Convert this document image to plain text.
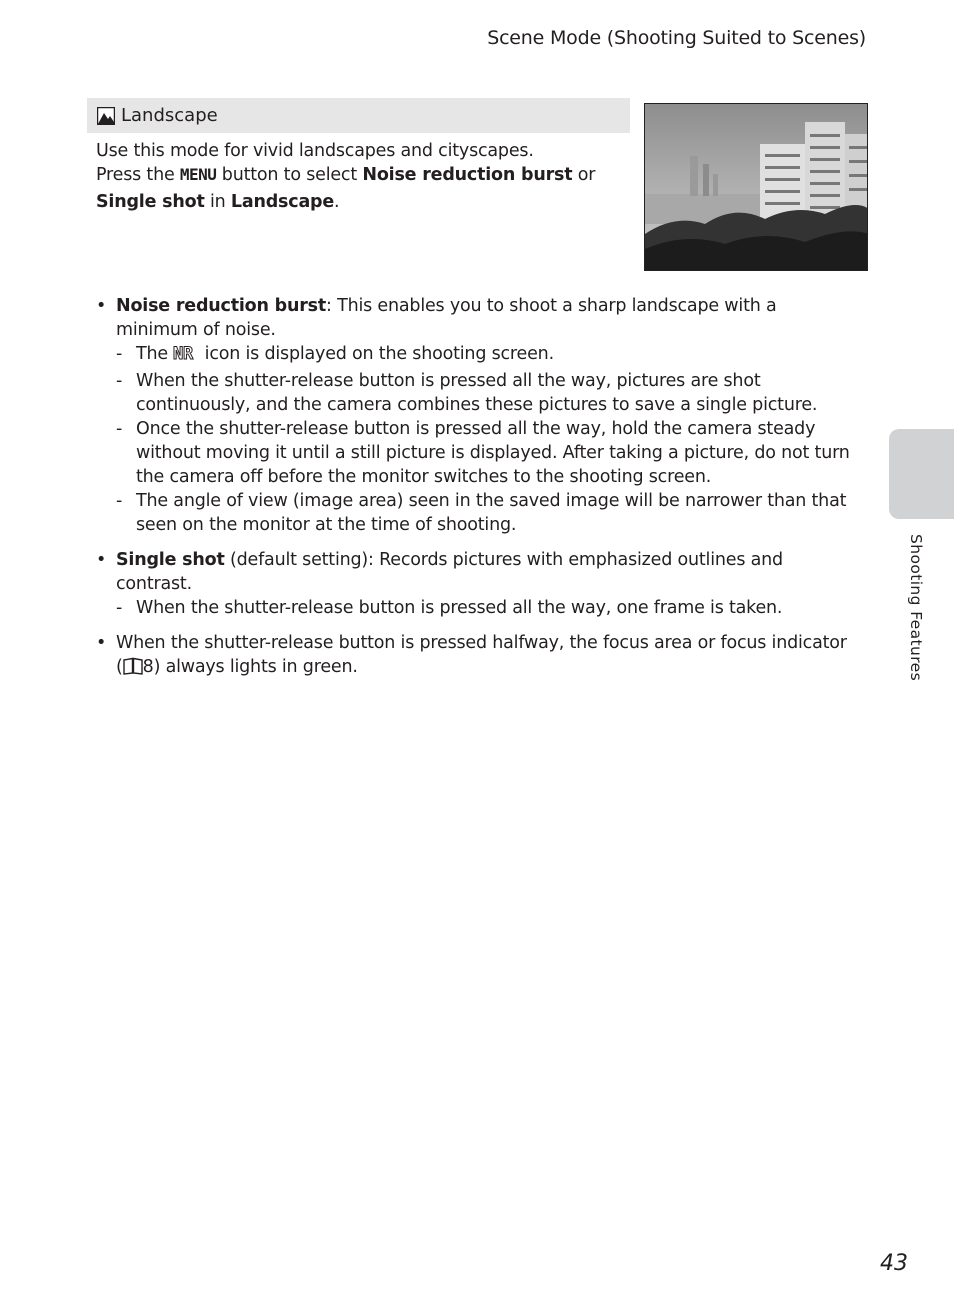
Scene Mode (Shooting Suited to Scenes)
Landscape
Use this mode for vivid landscapes and cityscapes.
Press the MENU button to select Noise reduction burst or
Single shot in Landscape.
• Noise reduction burst: This enables you to shoot a sharp landscape with a minimum of noise.
- The NR icon is displayed on the shooting screen.
- When the shutter-release button is pressed all the way, pictures are shot continuously, and the camera combines these pictures to save a single picture.
- Once the shutter-release button is pressed all the way, hold the camera steady without moving it until a still picture is displayed. After taking a picture, do not turn the camera off before the monitor switches to the shooting screen.
- The angle of view (image area) seen in the saved image will be narrower than that seen on the monitor at the time of shooting.
• Single shot (default setting): Records pictures with emphasized outlines and contrast.
- When the shutter-release button is pressed all the way, one frame is taken.
• When the shutter-release button is pressed halfway, the focus area or focus indicator ( 8) always lights in green.	Shooting Features
43
